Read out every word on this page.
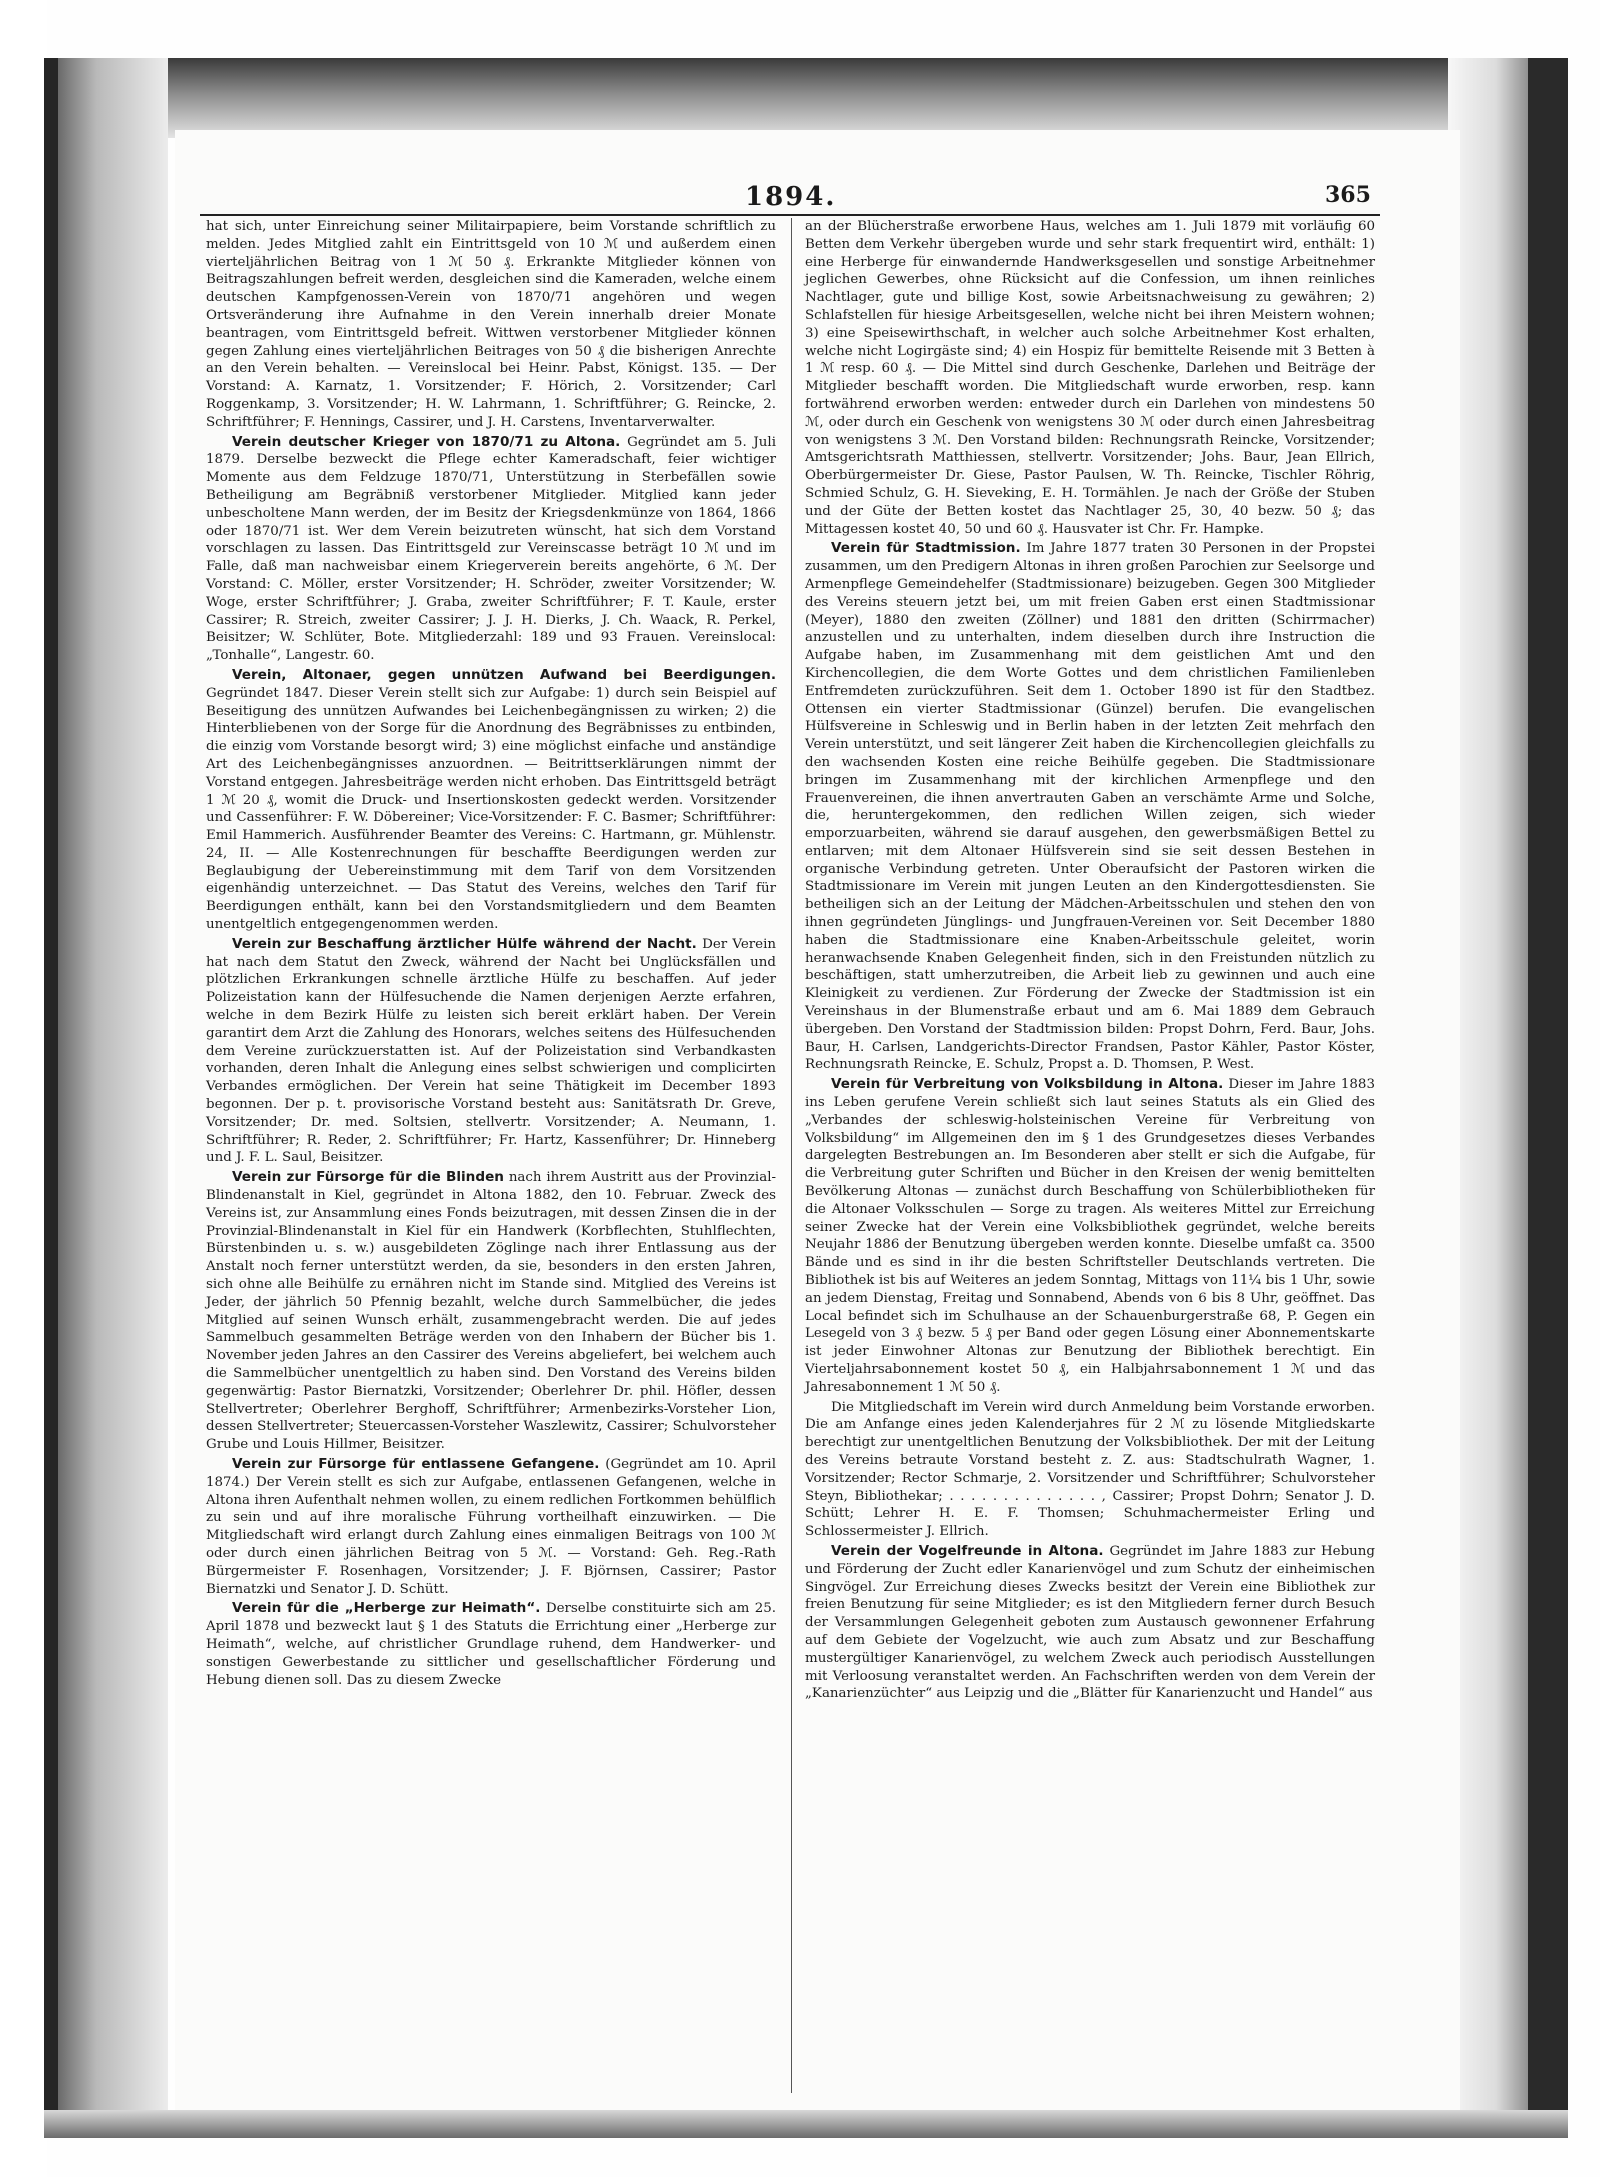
1894.	365

hat sich, unter Einreichung seiner Militairpapiere, beim Vorstande schriftlich zu melden. Jedes Mitglied zahlt ein Eintrittsgeld von 10 ℳ und außerdem einen vierteljährlichen Beitrag von 1 ℳ 50 ₰. Erkrankte Mitglieder können von Beitragszahlungen befreit werden, desgleichen sind die Kameraden, welche einem deutschen Kampfgenossen-Verein von 1870/71 angehören und wegen Ortsveränderung ihre Aufnahme in den Verein innerhalb dreier Monate beantragen, vom Eintrittsgeld befreit. Wittwen verstorbener Mitglieder können gegen Zahlung eines vierteljährlichen Beitrages von 50 ₰ die bisherigen Anrechte an den Verein behalten. — Vereinslocal bei Heinr. Pabst, Königst. 135. — Der Vorstand: A. Karnatz, 1. Vorsitzender; F. Hörich, 2. Vorsitzender; Carl Roggenkamp, 3. Vorsitzender; H. W. Lahrmann, 1. Schriftführer; G. Reincke, 2. Schriftführer; F. Hennings, Cassirer, und J. H. Carstens, Inventarverwalter.

Verein deutscher Krieger von 1870/71 zu Altona. Gegründet am 5. Juli 1879. Derselbe bezweckt die Pflege echter Kameradschaft, feier wichtiger Momente aus dem Feldzuge 1870/71, Unterstützung in Sterbefällen sowie Betheiligung am Begräbniß verstorbener Mitglieder. Mitglied kann jeder unbescholtene Mann werden, der im Besitz der Kriegsdenkmünze von 1864, 1866 oder 1870/71 ist. Wer dem Verein beizutreten wünscht, hat sich dem Vorstand vorschlagen zu lassen. Das Eintrittsgeld zur Vereinscasse beträgt 10 ℳ und im Falle, daß man nachweisbar einem Kriegerverein bereits angehörte, 6 ℳ. Der Vorstand: C. Möller, erster Vorsitzender; H. Schröder, zweiter Vorsitzender; W. Woge, erster Schriftführer; J. Graba, zweiter Schriftführer; F. T. Kaule, erster Cassirer; R. Streich, zweiter Cassirer; J. J. H. Dierks, J. Ch. Waack, R. Perkel, Beisitzer; W. Schlüter, Bote. Mitgliederzahl: 189 und 93 Frauen. Vereinslocal: „Tonhalle“, Langestr. 60.

Verein, Altonaer, gegen unnützen Aufwand bei Beerdigungen. Gegründet 1847. Dieser Verein stellt sich zur Aufgabe: 1) durch sein Beispiel auf Beseitigung des unnützen Aufwandes bei Leichenbegängnissen zu wirken; 2) die Hinterbliebenen von der Sorge für die Anordnung des Begräbnisses zu entbinden, die einzig vom Vorstande besorgt wird; 3) eine möglichst einfache und anständige Art des Leichenbegängnisses anzuordnen. — Beitrittserklärungen nimmt der Vorstand entgegen. Jahresbeiträge werden nicht erhoben. Das Eintrittsgeld beträgt 1 ℳ 20 ₰, womit die Druck- und Insertionskosten gedeckt werden. Vorsitzender und Cassenführer: F. W. Döbereiner; Vice-Vorsitzender: F. C. Basmer; Schriftführer: Emil Hammerich. Ausführender Beamter des Vereins: C. Hartmann, gr. Mühlenstr. 24, II. — Alle Kostenrechnungen für beschaffte Beerdigungen werden zur Beglaubigung der Uebereinstimmung mit dem Tarif von dem Vorsitzenden eigenhändig unterzeichnet. — Das Statut des Vereins, welches den Tarif für Beerdigungen enthält, kann bei den Vorstandsmitgliedern und dem Beamten unentgeltlich entgegengenommen werden.

Verein zur Beschaffung ärztlicher Hülfe während der Nacht. Der Verein hat nach dem Statut den Zweck, während der Nacht bei Unglücksfällen und plötzlichen Erkrankungen schnelle ärztliche Hülfe zu beschaffen. Auf jeder Polizeistation kann der Hülfesuchende die Namen derjenigen Aerzte erfahren, welche in dem Bezirk Hülfe zu leisten sich bereit erklärt haben. Der Verein garantirt dem Arzt die Zahlung des Honorars, welches seitens des Hülfesuchenden dem Vereine zurückzuerstatten ist. Auf der Polizeistation sind Verbandkasten vorhanden, deren Inhalt die Anlegung eines selbst schwierigen und complicirten Verbandes ermöglichen. Der Verein hat seine Thätigkeit im December 1893 begonnen. Der p. t. provisorische Vorstand besteht aus: Sanitätsrath Dr. Greve, Vorsitzender; Dr. med. Soltsien, stellvertr. Vorsitzender; A. Neumann, 1. Schriftführer; R. Reder, 2. Schriftführer; Fr. Hartz, Kassenführer; Dr. Hinneberg und J. F. L. Saul, Beisitzer.

Verein zur Fürsorge für die Blinden nach ihrem Austritt aus der Provinzial-Blindenanstalt in Kiel, gegründet in Altona 1882, den 10. Februar. Zweck des Vereins ist, zur Ansammlung eines Fonds beizutragen, mit dessen Zinsen die in der Provinzial-Blindenanstalt in Kiel für ein Handwerk (Korbflechten, Stuhlflechten, Bürstenbinden u. s. w.) ausgebildeten Zöglinge nach ihrer Entlassung aus der Anstalt noch ferner unterstützt werden, da sie, besonders in den ersten Jahren, sich ohne alle Beihülfe zu ernähren nicht im Stande sind. Mitglied des Vereins ist Jeder, der jährlich 50 Pfennig bezahlt, welche durch Sammelbücher, die jedes Mitglied auf seinen Wunsch erhält, zusammengebracht werden. Die auf jedes Sammelbuch gesammelten Beträge werden von den Inhabern der Bücher bis 1. November jeden Jahres an den Cassirer des Vereins abgeliefert, bei welchem auch die Sammelbücher unentgeltlich zu haben sind. Den Vorstand des Vereins bilden gegenwärtig: Pastor Biernatzki, Vorsitzender; Oberlehrer Dr. phil. Höfler, dessen Stellvertreter; Oberlehrer Berghoff, Schriftführer; Armenbezirks-Vorsteher Lion, dessen Stellvertreter; Steuercassen-Vorsteher Waszlewitz, Cassirer; Schulvorsteher Grube und Louis Hillmer, Beisitzer.

Verein zur Fürsorge für entlassene Gefangene. (Gegründet am 10. April 1874.) Der Verein stellt es sich zur Aufgabe, entlassenen Gefangenen, welche in Altona ihren Aufenthalt nehmen wollen, zu einem redlichen Fortkommen behülflich zu sein und auf ihre moralische Führung vortheilhaft einzuwirken. — Die Mitgliedschaft wird erlangt durch Zahlung eines einmaligen Beitrags von 100 ℳ oder durch einen jährlichen Beitrag von 5 ℳ. — Vorstand: Geh. Reg.-Rath Bürgermeister F. Rosenhagen, Vorsitzender; J. F. Björnsen, Cassirer; Pastor Biernatzki und Senator J. D. Schütt.

Verein für die „Herberge zur Heimath“. Derselbe constituirte sich am 25. April 1878 und bezweckt laut § 1 des Statuts die Errichtung einer „Herberge zur Heimath“, welche, auf christlicher Grundlage ruhend, dem Handwerker- und sonstigen Gewerbestande zu sittlicher und gesellschaftlicher Förderung und Hebung dienen soll. Das zu diesem Zwecke

an der Blücherstraße erworbene Haus, welches am 1. Juli 1879 mit vorläufig 60 Betten dem Verkehr übergeben wurde und sehr stark frequentirt wird, enthält: 1) eine Herberge für einwandernde Handwerksgesellen und sonstige Arbeitnehmer jeglichen Gewerbes, ohne Rücksicht auf die Confession, um ihnen reinliches Nachtlager, gute und billige Kost, sowie Arbeitsnachweisung zu gewähren; 2) Schlafstellen für hiesige Arbeitsgesellen, welche nicht bei ihren Meistern wohnen; 3) eine Speisewirthschaft, in welcher auch solche Arbeitnehmer Kost erhalten, welche nicht Logirgäste sind; 4) ein Hospiz für bemittelte Reisende mit 3 Betten à 1 ℳ resp. 60 ₰. — Die Mittel sind durch Geschenke, Darlehen und Beiträge der Mitglieder beschafft worden. Die Mitgliedschaft wurde erworben, resp. kann fortwährend erworben werden: entweder durch ein Darlehen von mindestens 50 ℳ, oder durch ein Geschenk von wenigstens 30 ℳ oder durch einen Jahresbeitrag von wenigstens 3 ℳ. Den Vorstand bilden: Rechnungsrath Reincke, Vorsitzender; Amtsgerichtsrath Matthiessen, stellvertr. Vorsitzender; Johs. Baur, Jean Ellrich, Oberbürgermeister Dr. Giese, Pastor Paulsen, W. Th. Reincke, Tischler Röhrig, Schmied Schulz, G. H. Sieveking, E. H. Tormählen. Je nach der Größe der Stuben und der Güte der Betten kostet das Nachtlager 25, 30, 40 bezw. 50 ₰; das Mittagessen kostet 40, 50 und 60 ₰. Hausvater ist Chr. Fr. Hampke.

Verein für Stadtmission. Im Jahre 1877 traten 30 Personen in der Propstei zusammen, um den Predigern Altonas in ihren großen Parochien zur Seelsorge und Armenpflege Gemeindehelfer (Stadtmissionare) beizugeben. Gegen 300 Mitglieder des Vereins steuern jetzt bei, um mit freien Gaben erst einen Stadtmissionar (Meyer), 1880 den zweiten (Zöllner) und 1881 den dritten (Schirrmacher) anzustellen und zu unterhalten, indem dieselben durch ihre Instruction die Aufgabe haben, im Zusammenhang mit dem geistlichen Amt und den Kirchencollegien, die dem Worte Gottes und dem christlichen Familienleben Entfremdeten zurückzuführen. Seit dem 1. October 1890 ist für den Stadtbez. Ottensen ein vierter Stadtmissionar (Günzel) berufen. Die evangelischen Hülfsvereine in Schleswig und in Berlin haben in der letzten Zeit mehrfach den Verein unterstützt, und seit längerer Zeit haben die Kirchencollegien gleichfalls zu den wachsenden Kosten eine reiche Beihülfe gegeben. Die Stadtmissionare bringen im Zusammenhang mit der kirchlichen Armenpflege und den Frauenvereinen, die ihnen anvertrauten Gaben an verschämte Arme und Solche, die, heruntergekommen, den redlichen Willen zeigen, sich wieder emporzuarbeiten, während sie darauf ausgehen, den gewerbsmäßigen Bettel zu entlarven; mit dem Altonaer Hülfsverein sind sie seit dessen Bestehen in organische Verbindung getreten. Unter Oberaufsicht der Pastoren wirken die Stadtmissionare im Verein mit jungen Leuten an den Kindergottesdiensten. Sie betheiligen sich an der Leitung der Mädchen-Arbeitsschulen und stehen den von ihnen gegründeten Jünglings- und Jungfrauen-Vereinen vor. Seit December 1880 haben die Stadtmissionare eine Knaben-Arbeitsschule geleitet, worin heranwachsende Knaben Gelegenheit finden, sich in den Freistunden nützlich zu beschäftigen, statt umherzutreiben, die Arbeit lieb zu gewinnen und auch eine Kleinigkeit zu verdienen. Zur Förderung der Zwecke der Stadtmission ist ein Vereinshaus in der Blumenstraße erbaut und am 6. Mai 1889 dem Gebrauch übergeben. Den Vorstand der Stadtmission bilden: Propst Dohrn, Ferd. Baur, Johs. Baur, H. Carlsen, Landgerichts-Director Frandsen, Pastor Kähler, Pastor Köster, Rechnungsrath Reincke, E. Schulz, Propst a. D. Thomsen, P. West.

Verein für Verbreitung von Volksbildung in Altona. Dieser im Jahre 1883 ins Leben gerufene Verein schließt sich laut seines Statuts als ein Glied des „Verbandes der schleswig-holsteinischen Vereine für Verbreitung von Volksbildung“ im Allgemeinen den im § 1 des Grundgesetzes dieses Verbandes dargelegten Bestrebungen an. Im Besonderen aber stellt er sich die Aufgabe, für die Verbreitung guter Schriften und Bücher in den Kreisen der wenig bemittelten Bevölkerung Altonas — zunächst durch Beschaffung von Schülerbibliotheken für die Altonaer Volksschulen — Sorge zu tragen. Als weiteres Mittel zur Erreichung seiner Zwecke hat der Verein eine Volksbibliothek gegründet, welche bereits Neujahr 1886 der Benutzung übergeben werden konnte. Dieselbe umfaßt ca. 3500 Bände und es sind in ihr die besten Schriftsteller Deutschlands vertreten. Die Bibliothek ist bis auf Weiteres an jedem Sonntag, Mittags von 11¼ bis 1 Uhr, sowie an jedem Dienstag, Freitag und Sonnabend, Abends von 6 bis 8 Uhr, geöffnet. Das Local befindet sich im Schulhause an der Schauenburgerstraße 68, P. Gegen ein Lesegeld von 3 ₰ bezw. 5 ₰ per Band oder gegen Lösung einer Abonnementskarte ist jeder Einwohner Altonas zur Benutzung der Bibliothek berechtigt. Ein Vierteljahrsabonnement kostet 50 ₰, ein Halbjahrsabonnement 1 ℳ und das Jahresabonnement 1 ℳ 50 ₰.

Die Mitgliedschaft im Verein wird durch Anmeldung beim Vorstande erworben. Die am Anfange eines jeden Kalenderjahres für 2 ℳ zu lösende Mitgliedskarte berechtigt zur unentgeltlichen Benutzung der Volksbibliothek. Der mit der Leitung des Vereins betraute Vorstand besteht z. Z. aus: Stadtschulrath Wagner, 1. Vorsitzender; Rector Schmarje, 2. Vorsitzender und Schriftführer; Schulvorsteher Steyn, Bibliothekar; . . . . . . . . . . . . . . , Cassirer; Propst Dohrn; Senator J. D. Schütt; Lehrer H. E. F. Thomsen; Schuhmachermeister Erling und Schlossermeister J. Ellrich.

Verein der Vogelfreunde in Altona. Gegründet im Jahre 1883 zur Hebung und Förderung der Zucht edler Kanarienvögel und zum Schutz der einheimischen Singvögel. Zur Erreichung dieses Zwecks besitzt der Verein eine Bibliothek zur freien Benutzung für seine Mitglieder; es ist den Mitgliedern ferner durch Besuch der Versammlungen Gelegenheit geboten zum Austausch gewonnener Erfahrung auf dem Gebiete der Vogelzucht, wie auch zum Absatz und zur Beschaffung mustergültiger Kanarienvögel, zu welchem Zweck auch periodisch Ausstellungen mit Verloosung veranstaltet werden. An Fachschriften werden von dem Verein der „Kanarienzüchter“ aus Leipzig und die „Blätter für Kanarienzucht und Handel“ aus
